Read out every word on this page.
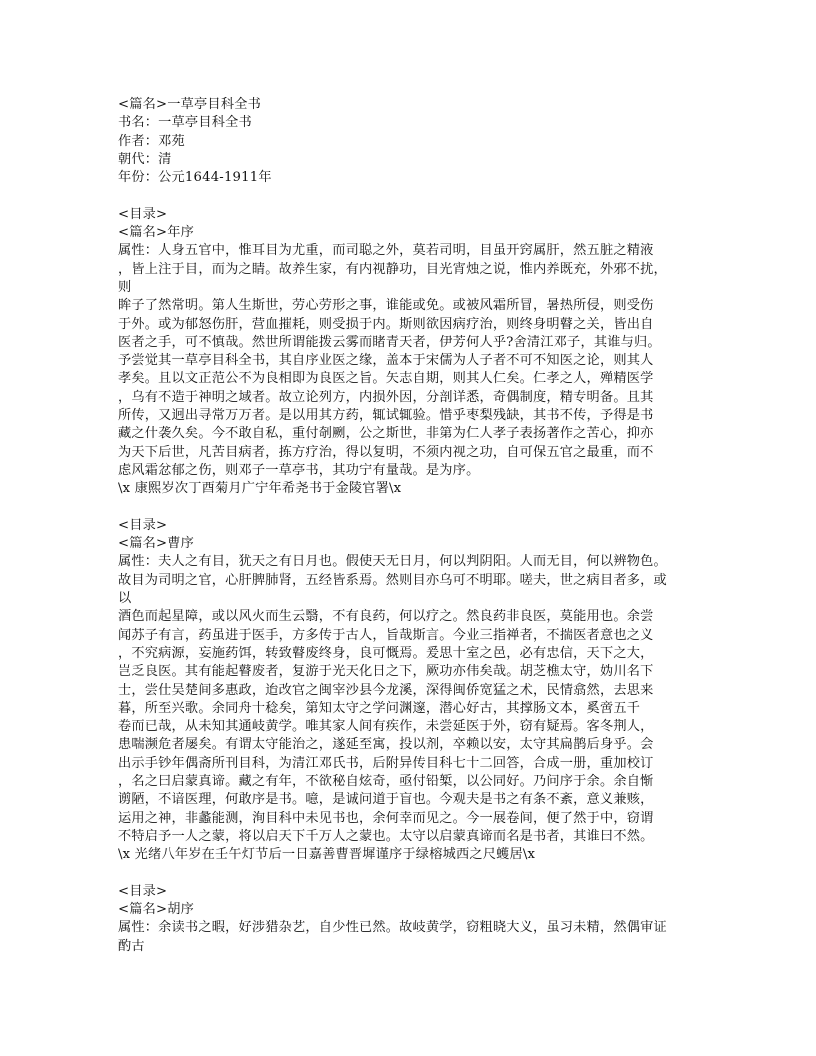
<篇名>一草亭目科全书
书名：一草亭目科全书
作者：邓苑
朝代：清
年份：公元1644-1911年
<目录>
<篇名>年序
属性：人身五官中，惟耳目为尤重，而司聪之外，莫若司明，目虽开窍属肝，然五脏之精液
，皆上注于目，而为之睛。故养生家，有内视静功，目光宵烛之说，惟内养既充，外邪不扰，
则
眸子了然常明。第人生斯世，劳心劳形之事，谁能或免。或被风霜所冒，暑热所侵，则受伤
于外。或为郁怒伤肝，营血摧耗，则受损于内。斯则欲因病疗治，则终身明瞽之关，皆出自
医者之手，可不慎哉。然世所谓能拨云雾而睹青天者，伊芳何人乎?舍清江邓子，其谁与归。
予尝觉其一草亭目科全书，其自序业医之缘，盖本于宋儒为人子者不可不知医之论，则其人
孝矣。且以文正范公不为良相即为良医之旨。矢志自期，则其人仁矣。仁孝之人，殚精医学
，乌有不造于神明之域者。故立论列方，内损外因，分剖详悉，奇偶制度，精专明备。且其
所传，又迥出寻常万万者。是以用其方药，辄试辄验。惜乎枣梨残缺，其书不传，予得是书
藏之什袭久矣。今不敢自私，重付剞劂，公之斯世，非第为仁人孝子表扬著作之苦心，抑亦
为天下后世，凡苦目病者，拣方疗治，得以复明，不须内视之功，自可保五官之最重，而不
虑风霜忿郁之伤，则邓子一草亭书，其功宁有量哉。是为序。
\x 康熙岁次丁酉菊月广宁年希尧书于金陵官署\x
<目录>
<篇名>曹序
属性：夫人之有目，犹天之有日月也。假使天无日月，何以判阴阳。人而无目，何以辨物色。
故目为司明之官，心肝脾肺肾，五经皆系焉。然则目亦乌可不明耶。嗟夫，世之病目者多，或
以
酒色而起星障，或以风火而生云翳，不有良药，何以疗之。然良药非良医，莫能用也。余尝
闻苏子有言，药虽进于医手，方多传于古人，旨哉斯言。今业三指禅者，不揣医者意也之义
，不究病源，妄施药饵，转致瞽废终身，良可慨焉。爰思十室之邑，必有忠信，天下之大，
岂乏良医。其有能起瞽废者，复游于光天化日之下，厥功亦伟矣哉。胡芝樵太守，妫川名下
士，尝仕吴楚间多惠政，迨改官之闽宰沙县今龙溪，深得闽侨宽猛之术，民情翕然，去思来
暮，所至兴歌。余同舟十稔矣，第知太守之学问渊邃，潜心好古，其撑肠文本，奚啻五千
卷而已哉，从未知其通岐黄学。唯其家人间有疾作，未尝延医于外，窃有疑焉。客冬荆人，
患喘濒危者屡矣。有谓太守能治之，遂延至寓，投以剂，卒赖以安，太守其扁鹊后身乎。会
出示手钞年偶斋所刊目科，为清江邓氏书，后附异传目科七十二回答，合成一册，重加校订
，名之曰启蒙真谛。藏之有年，不欲秘自炫奇，亟付铅椠，以公同好。乃问序于余。余自惭
谫陋，不谙医理，何敢序是书。噫，是诚问道于盲也。今观夫是书之有条不紊，意义兼赅，
运用之神，非蠡能测，洵目科中未见书也，余何幸而见之。今一展卷间，便了然于中，窃谓
不特启予一人之蒙，将以启天下千万人之蒙也。太守以启蒙真谛而名是书者，其谁曰不然。
\x 光绪八年岁在壬午灯节后一日嘉善曹晋墀谨序于绿榕城西之尺蠖居\x
<目录>
<篇名>胡序
属性：余读书之暇，好涉猎杂艺，自少性已然。故岐黄学，窃粗晓大义，虽习未精，然偶审证
酌古
